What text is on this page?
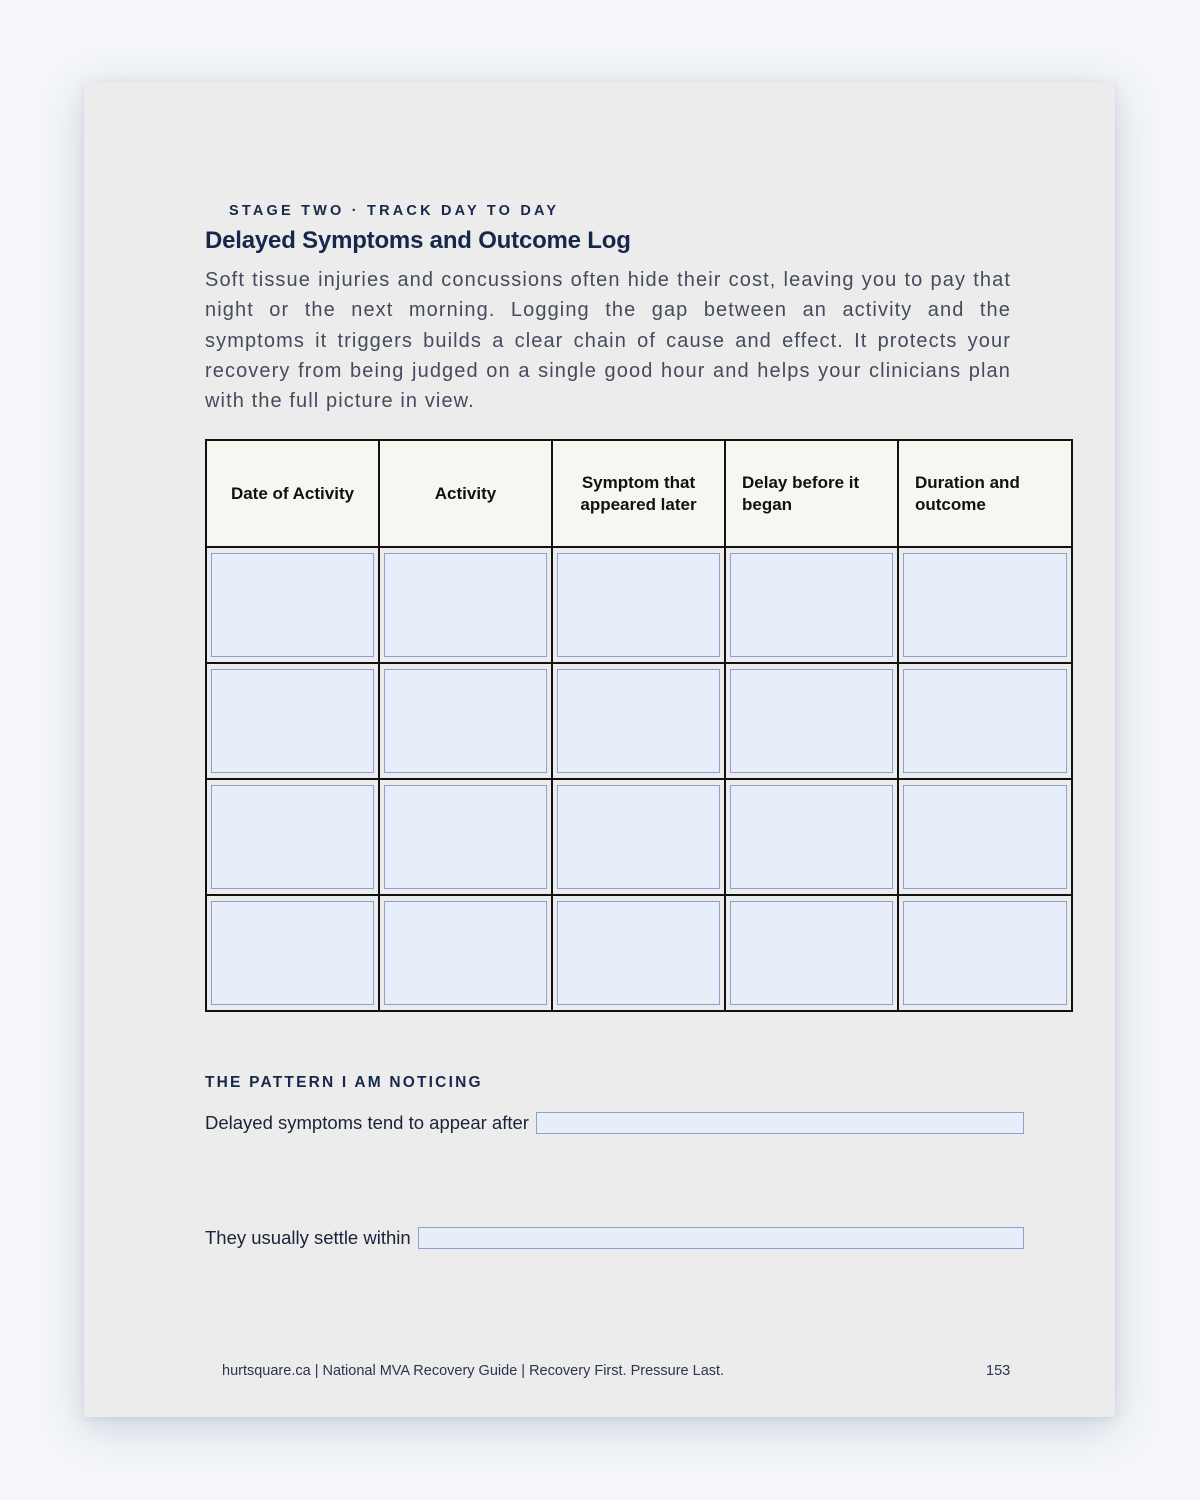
STAGE TWO · TRACK DAY TO DAY

Delayed Symptoms and Outcome Log

Soft tissue injuries and concussions often hide their cost, leaving you to pay that night or the next morning. Logging the gap between an activity and the symptoms it triggers builds a clear chain of cause and effect. It protects your recovery from being judged on a single good hour and helps your clinicians plan with the full picture in view.

Date of Activity	Activity	Symptom that appeared later	Delay before it began	Duration and outcome

THE PATTERN I AM NOTICING
Delayed symptoms tend to appear after
They usually settle within

hurtsquare.ca | National MVA Recovery Guide | Recovery First. Pressure Last.	153
